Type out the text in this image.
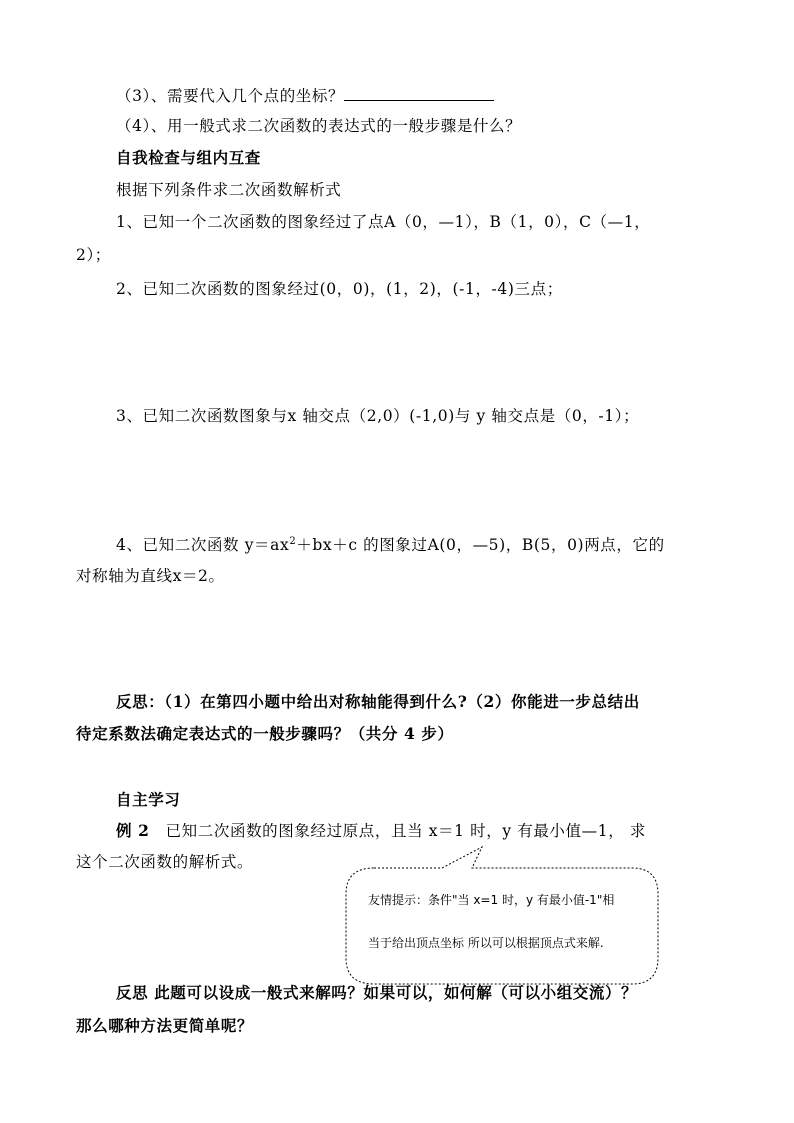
（3）、需要代入几个点的坐标？
（4）、用一般式求二次函数的表达式的一般步骤是什么？
自我检查与组内互查
根据下列条件求二次函数解析式
1、已知一个二次函数的图象经过了点A（0，—1），B（1，0），C（—1，
2）；
2、已知二次函数的图象经过(0，0)，(1，2)，(-1，-4)三点；
3、已知二次函数图象与x 轴交点（2,0）(-1,0)与 y 轴交点是（0，-1）；
4、已知二次函数 $y=ax^2+bx+c$ 的图象过A(0，—5)，B(5，0)两点，它的
对称轴为直线x＝2。
反思：（1）在第四小题中给出对称轴能得到什么?（2）你能进一步总结出
待定系数法确定表达式的一般步骤吗？（共分 4 步）
自主学习
例 2　已知二次函数的图象经过原点，且当 x＝1 时，y 有最小值—1， 求
这个二次函数的解析式。
友情提示：条件"当 x=1 时，y 有最小值-1"相
当于给出顶点坐标 所以可以根据顶点式来解.
反思 此题可以设成一般式来解吗？如果可以，如何解（可以小组交流）？
那么哪种方法更简单呢？
